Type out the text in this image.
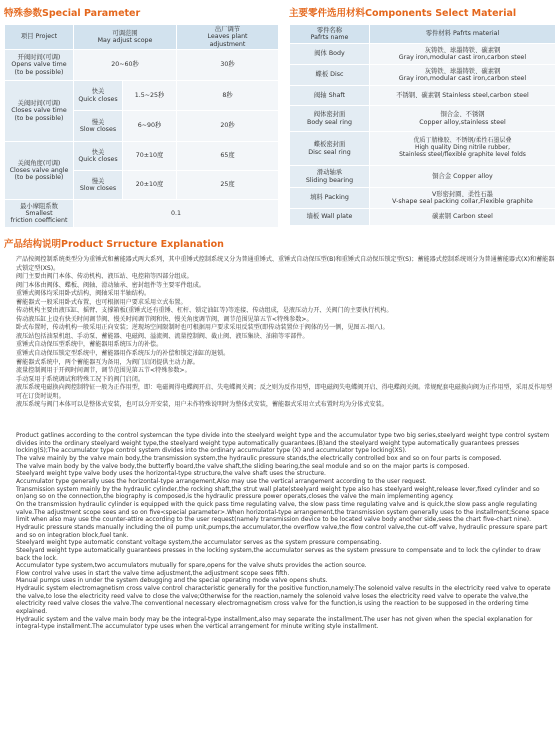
特殊参数Special Parameter	主要零件选用材料Components Select Material
产品结构说明Product Srructure Explanation
项目 Project	可调范围
May adjust scope		出厂调节
Leaves plant
adjustment
开阀时间(可调)
Opens valve time
(to be possible)	20~60秒		30秒
关阀时间(可调)
Closes valve time
(to be possible)	快关
Quick closes	1.5~25秒	8秒
	慢关
Slow closes	6~90秒	20秒
关阀角度(可调)
Closes valve angle
(to be possible)	快关
Quick closes	70±10度	65度
	慢关
Slow closes	20±10度	25度
最小摩阻系数
Smallest
friction coefficient	0.1		
零件名称
Pafrts name	零件材料 Pafrts material
阀体 Body	灰铸铁、球墨铸铁、碳素钢
Gray iron,modular cast iron,carbon steel
蝶板 Disc	灰铸铁、球墨铸铁、碳素钢
Gray iron,modular cast iron,carbon steel
阀轴 Shaft	不锈钢、碳素钢 Stainless steel,carbon steel
阀体密封面
Body seal ring	铜合金、不锈钢
Copper alloy,stainless steel
蝶板密封面
Disc seal ring	优质丁腈橡胶、不锈钢/柔性石墨层叠
High quality Ding nitrile rubber,
Stainless steel/flexible graphite level folds
滑动轴承
Sliding bearing	铜合金 Copper alloy
填料 Packing	V形密封圈、柔性石墨
V-shape seal packing collar,Flexible graphite
墙板 Wall plate	碳素钢 Carbon steel

产品按阀控制系统类型分为重锤式和蓄能器式两大系列，其中重锤式控制系统又分为普通重锤式、重锤式自动保压型(B)和重锤式自动保压锁定型(S)；蓄能器式控制系统则分为普通蓄能器式(X)和蓄能器式锁定型(XS)。

阀门主要由阀门本体、传动机构、液压站、电控箱等四部分组成。

阀门本体由阀体、蝶板、阀轴、滑动轴承、密封组件等主要零件组成。

重锤式阀体均采用卧式结构，阀轴采用半轴结构。

蓄能器式一般采用卧式布置，也可根据用户要求采用立式布置。

传动机构主要由液压缸、摇臂、支撑箱板(重锤式还有重锤、杠杆、锁定油缸等)等连接、传动组成，是液压动力开、关阀门的主要执行机构。

传动液压缸上设有快关时间调节阀、慢关时间调节阀和快、慢关角度调节阀，调节范围见第五节<特殊参数>。

卧式布置时，传动机构一般采用正向安装；逆现场空间限制时也可根据用户要求采用反装型(即传动装置位于阀体的另一侧，见图五-图八)。

液压站包括油泵机组、手动泵、蓄能器、电磁阀、溢流阀、流量控制阀、截止阀、液压集块、油箱等零部件。

重锤式自动保压型系统中，蓄能器用系统压力的补偿。

重锤式自动保压锁定型系统中，蓄能器用作系统压力的补偿和锁定油缸的退锁。

蓄能器式系统中，两个蓄能器互为备用，为阀门启闭提供主动力源。

流量控制阀用于开阀时间调节，调节范围见第五节<特殊参数>。

手动泵用于系统调试和特殊工况下的阀门启闭。

液压系统电磁换向阀控制特征一般为正作用型，即：电磁阀得电蝶阀开启、失电蝶阀关阀；反之则为反作用型，即电磁阀失电蝶阀开启、得电蝶阀关阀。常规配套电磁换向阀为正作用型，采用反作用型可在订货时说明。

液压系统与阀门本体可以是整体式安装，也可以分开安装，用户未作特殊说明时为整体式安装，蓄能器式采用立式布置时均为分体式安装。

Product gatlines according to the control systemcan the type divide into the steelyard weight type and the accumulator type two big series,steelyard weight type control system divides into the ordinary steelyard weight type,the steelyard weight type automatically guarantees.(B)and the steelyard weight type automatically guarantees presses locking(S);The accumulator type control system divides into the ordinary accumulator type (X) and accumulator type locking(XS).

The valve mainly by the valve main body,the transmission system,the hydraulic pressure stands,the electrically controlled box and so on four parts is composed.

The valve main body by the valve body,the butterfly board,the valve shaft,the sliding bearing,the seal module and so on the major parts is composed.

Steelyard weight type valve body uses the horizontal-type structure,the valve shaft uses the structure.

Accumulator type generally uses the horizontal-type arrangement,Also may use the vertical arrangement according to the user request.

Transmission system mainly by the hydraulic cylinder,the rocking shaft,the strut wall plate(steelyard weight type also has steelyard weight,release lever,fixed cylinder and so on)ang so on the connection,the biography is composed,is the hydraulic pressure power operats,closes the valve the main implementing agency.

On the transmission hydraulic cylinder is equipped with the quick pass time regulating valve, the slow pass time regulating valve and is quick,the slow pass angle regulating valve.The adjustment scope sees and so on five<special parameter>.When horizontal-type arrangement,the transmission system generally uses to the installment;Scene space limit when also may use the counter-attire according to the user request(namely transmission device to be located valve body another side,sees the chart five-chart nine).

Hydraulic pressure stands manually including the oil pump unit,pumps,the accumulator,the overflow valve,the flow control valve,the cut-off valve, hydraulic pressure spare part and so on integration block,fuel tank.

Steelyard weight type automatic constant voltage system,the accumulator serves as the system pressure compensating.

Steelyard weight type automatically guarantees presses in the locking system,the accumulator serves as the system pressure to compensate and to lock the cylinder to draw back the lock.

Accumulator type system,two accumulators mutually for spare,opens for the valve shuts provides the action source.

Flow control valve uses in start the valve time adjustment,the adjustment scope sees fifth.

Manual pumps uses in under the system debugging and the special operating mode valve opens shuts.

Hydraulic system electromagnetism cross valve control characteristic generally for the positive function,namely:The solenoid valve results in the electricity reed valve to operate the valve,to lose the electricity reed valve to close the valve;Otherwise for the reaction,namely the solenoid valve loses the electricity reed valve to operate the valve,the electricity reed valve closes the valve.The conventional necessary electromagnetism cross valve for the function,is using the reaction to be supposed in the ordering time explained.

Hydraulic system and the valve main body may be the integral-type installment,also may separate the installment.The user has not given when the special explanation for integral-type installment.The accumulator type uses when the vertical arrangement for minute writing style installment.
